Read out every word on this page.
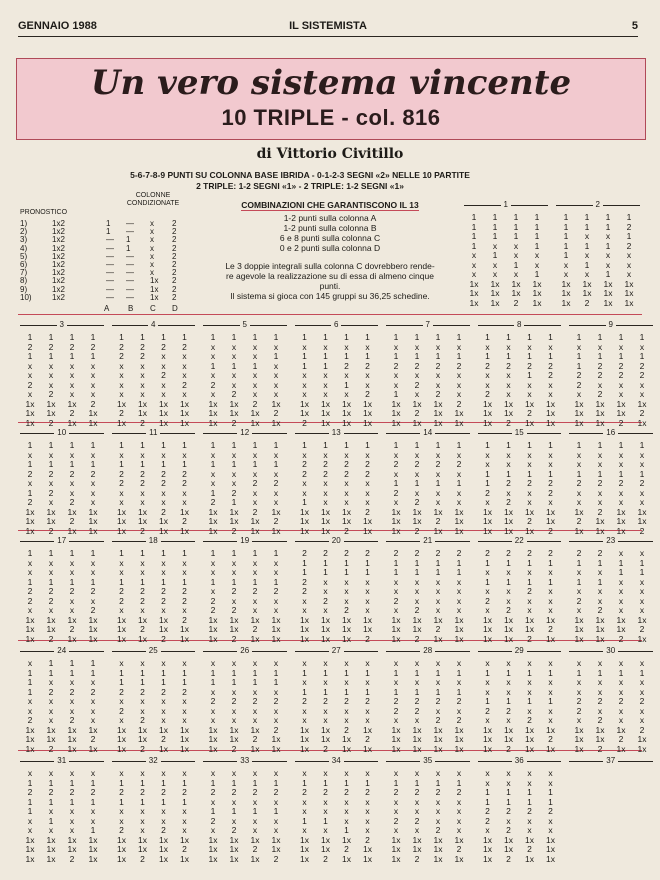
GENNAIO 1988	IL SISTEMISTA	5
Un vero sistema vincente
10 TRIPLE - col. 816
di Vittorio Civitillo
5-6-7-8-9 PUNTI SU COLONNA BASE IBRIDA - 0-1-2-3 SEGNI «2» NELLE 10 PARTITE
2 TRIPLE: 1-2 SEGNI «1» - 2 TRIPLE: 1-2 SEGNI «1»
COLONNE
CONDIZIONATE
PRONOSTICO
1)	1x2	1 — x 2
2)	1x2	1 — x 2
3)	1x2	— 1 x 2
4)	1x2	— 1 x 2
5)	1x2	— — x 2
6)	1x2	— — x 2
7)	1x2	— — x 2
8)	1x2	— — 1x 2
9)	1x2	— — 1x 2
10)	1x2	— — 1x 2
A B C D
COMBINAZIONI CHE GARANTISCONO IL 13
1-2 punti sulla colonna A
1-2 punti sulla colonna B
6 e 8 punti sulla colonna C
0 e 2 punti sulla colonna D
Le 3 doppie integrali sulla colonna C dovrebbero rende-
re agevole la realizzazione su di essa di almeno cinque
punti.
Il sistema si gioca con 145 gruppi su 36,25 schedine.
1
1	1	1	1
1	1	1	1
1	1	1	1
1	x	x	1
x	1	x	x
x	x	1	x
x	x	x	1
1x	1x	1x	1x
1x	1x	1x	1x
1x	1x	2	1x
2
1	1	1	1
1	1	1	2
1	x	x	1
1	1	1	2
1	x	x	x
x	1	x	x
x	x	1	x
1x	1x	1x	1x
1x	1x	1x	1x
1x	2	1x	1x
3
1	1	1	1
2	2	2	2
1	1	1	1
x	x	x	x
x	x	x	x
2	x	x	x
x	2	x	x
1x	1x	1x	2
1x	1x	2	1x
1x	2	1x	1x
4
1	1	1	1
2	2	2	2
2	2	x	x
x	x	x	x
x	x	2	x
x	x	x	2
x	x	x	x
1x	1x	1x	1x
2	1x	1x	1x
1x	2	1x	1x
5
1	1	1	1
x	x	x	x
x	x	x	1
1	1	1	x
x	x	x	x
2	x	x	x
x	2	x	x
1x	1x	2	1x
1x	1x	1x	2
1x	2	1x	1x
6
1	1	1	1
x	x	x	x
1	1	1	1
1	1	2	2
x	x	x	x
x	x	1	x
x	x	x	2
1x	1x	1x	1x
1x	1x	1x	1x
2	1x	1x	1x
7
1	1	1	1
x	x	x	x
1	1	1	1
2	2	2	2
x	x	x	x
x	2	x	x
1	x	2	x
1x	1x	1x	2
1x	2	1x	1x
1x	1x	1x	1x
8
1	1	1	1
x	x	x	x
1	1	1	1
2	2	2	2
x	x	1	2
x	x	x	x
2	x	x	x
1x	1x	1x	1x
1x	1x	2	1x
1x	2	1x	1x
9
1	1	1	1
x	x	x	x
1	1	1	1
1	2	2	2
2	2	2	2
2	x	x	x
x	2	x	x
1x	1x	1x	1x
1x	1x	1x	2
1x	1x	2	1x
10
1	1	1	1
x	x	x	x
1	1	1	1
2	2	2	2
x	x	x	x
1	2	x	x
2	x	2	x
1x	1x	1x	1x
1x	1x	2	1x
1x	2	1x	1x
11
1	1	1	1
x	x	x	x
1	1	1	1
2	2	2	2
2	2	2	2
x	x	x	x
x	x	x	x
1x	1x	2	1x
1x	1x	1x	2
1x	2	1x	1x
12
1	1	1	1
x	x	x	x
1	1	1	1
x	x	x	x
x	x	2	2
1	2	x	x
2	1	x	x
1x	1x	2	1x
1x	1x	1x	2
1x	2	1x	1x
13
1	1	1	1
x	x	x	x
2	2	2	2
2	2	2	2
x	x	x	x
x	x	x	x
1	x	x	x
1x	1x	1x	2
1x	1x	1x	1x
1x	1x	2	1x
14
1	1	1	1
x	x	x	x
2	2	2	2
x	x	x	x
1	1	1	1
2	x	x	x
x	2	x	x
1x	1x	1x	1x
1x	1x	2	1x
1x	2	1x	1x
15
1	1	1	1
x	x	x	x
x	x	x	x
1	1	1	1
1	2	2	2
2	x	x	2
x	2	x	x
1x	1x	1x	1x
1x	1x	2	1x
1x	1x	1x	2
16
1	1	1	1
x	x	x	x
x	x	x	x
1	1	1	1
2	2	2	2
x	x	x	x
x	x	x	x
1x	2	1x	1x
2	1x	1x	1x
1x	1x	1x	2
17
1	1	1	1
x	x	x	x
x	x	x	x
1	1	1	1
2	2	2	2
2	2	x	x
x	x	x	2
1x	1x	1x	1x
1x	1x	2	1x
1x	2	1x	1x
18
1	1	1	1
x	x	x	x
x	x	x	x
1	1	1	1
2	2	2	2
2	2	2	2
x	x	x	x
1x	1x	1x	2
1x	2	1x	1x
1x	1x	2	1x
19
1	1	1	1
x	x	x	x
x	x	x	x
1	1	1	1
x	2	2	2
2	x	x	x
2	2	x	x
1x	1x	1x	1x
1x	1x	2	1x
1x	2	1x	1x
20
2	2	2	2
1	1	1	1
1	1	1	1
2	x	x	x
2	x	x	x
x	2	x	x
x	x	2	x
1x	1x	1x	1x
1x	1x	1x	1x
1x	1x	1x	2
21
2	2	2	2
1	1	1	1
1	1	1	1
x	x	x	x
x	x	x	x
2	x	x	x
x	2	x	x
1x	1x	1x	1x
1x	1x	2	1x
1x	2	1x	1x
22
2	2	2	2
1	1	1	1
x	x	x	x
1	1	1	1
x	x	2	x
2	x	x	x
x	2	x	x
1x	1x	1x	1x
1x	1x	1x	2
1x	1x	2	1x
23
2	2	x	x
1	1	1	1
x	x	1	1
1	1	x	x
x	x	x	x
2	x	x	x
x	2	x	x
1x	1x	1x	1x
1x	1x	1x	2
1x	1x	2	1x
24
x	1	1	1
1	1	1	1
1	x	x	x
1	2	2	2
x	x	x	x
x	x	x	x
2	x	2	x
1x	1x	1x	1x
1x	1x	1x	2
1x	2	1x	1x
25
x	x	x	x
1	1	1	1
1	1	1	1
2	2	2	2
x	x	x	x
2	x	x	x
x	2	x	x
1x	1x	1x	1x
1x	1x	2	1x
1x	2	1x	1x
26
x	x	x	x
1	1	1	1
1	1	1	1
x	x	x	x
2	2	2	2
x	x	x	x
x	x	x	x
1x	1x	1x	2
1x	1x	2	1x
1x	2	1x	1x
27
x	x	x	x
1	1	1	1
x	x	x	x
1	1	1	1
2	2	2	2
x	x	x	x
x	x	x	x
1x	1x	2	1x
1x	1x	1x	2
1x	2	1x	1x
28
x	x	x	x
1	1	1	1
x	x	x	x
1	1	1	1
2	2	2	2
2	2	x	x
x	x	2	2
1x	1x	1x	1x
1x	1x	1x	1x
1x	1x	1x	1x
29
x	x	x	x
1	1	1	1
x	x	x	x
x	x	x	x
1	1	1	1
2	2	x	x
x	x	2	x
1x	1x	1x	1x
1x	1x	1x	2
1x	2	1x	1x
30
x	x	x	x
1	1	1	1
x	x	x	x
x	x	x	x
2	2	2	2
2	x	x	x
x	2	x	x
1x	1x	1x	2
1x	1x	2	1x
1x	2	1x	1x
31
x	x	x	x
1	1	1	1
2	2	2	2
1	1	1	1
1	x	x	x
x	1	x	x
x	x	x	1
1x	1x	1x	1x
1x	1x	1x	1x
1x	1x	2	1x
32
x	x	x	x
1	1	1	1
2	2	2	2
1	1	1	1
x	x	x	x
x	x	x	x
2	x	2	x
1x	1x	1x	1x
1x	1x	1x	2
1x	2	1x	1x
33
x	x	x	x
1	1	1	1
2	2	2	2
x	x	x	x
1	1	1	1
2	x	x	x
x	2	x	x
1x	1x	1x	1x
1x	1x	2	1x
1x	1x	1x	2
34
x	x	x	x
1	1	1	1
2	2	2	2
x	x	x	x
x	x	x	x
1	1	x	x
x	x	1	x
1x	1x	1x	2
1x	1x	2	1x
1x	2	1x	1x
35
x	x	x	x
1	1	1	1
2	2	2	2
x	x	x	x
x	x	x	x
2	2	x	x
x	x	2	x
1x	1x	1x	1x
1x	1x	1x	2
1x	2	1x	1x
36
x	x	x	x
x	x	x	x
1	1	1	1
1	1	1	1
2	2	2	2
2	x	x	x
x	2	x	x
1x	1x	1x	1x
1x	1x	2	1x
1x	2	1x	1x
37
